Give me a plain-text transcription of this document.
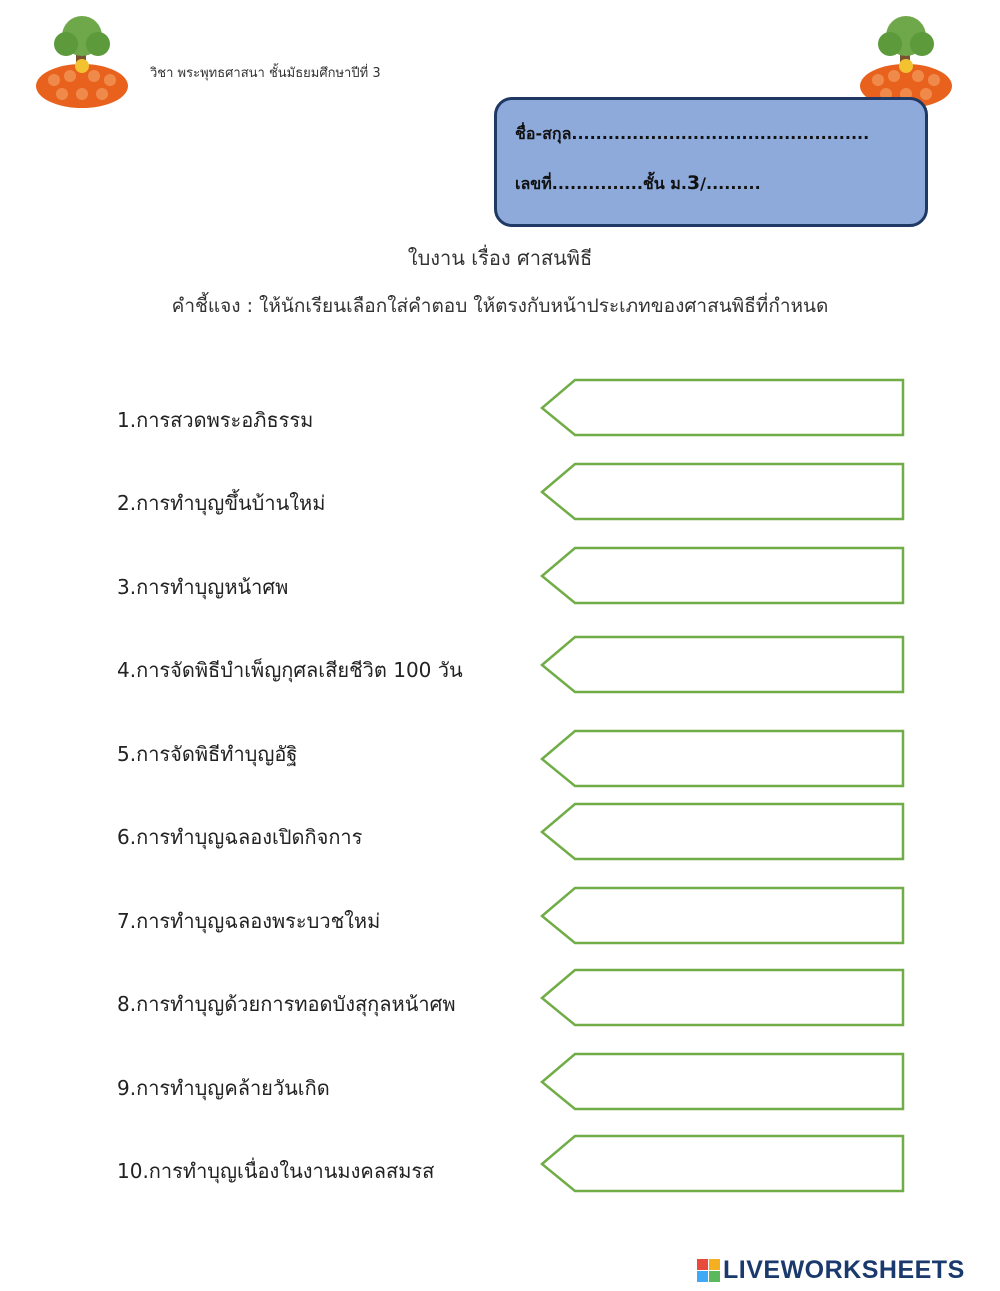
วิชา พระพุทธศาสนา ชั้นมัธยมศึกษาปีที่ 3
ชื่อ-สกุล.................................................
เลขที่...............ชั้น ม.3/.........
ใบงาน เรื่อง ศาสนพิธี
คำชี้แจง : ให้นักเรียนเลือกใส่คำตอบ ให้ตรงกับหน้าประเภทของศาสนพิธีที่กำหนด
1.การสวดพระอภิธรรม
2.การทำบุญขึ้นบ้านใหม่
3.การทำบุญหน้าศพ
4.การจัดพิธีบำเพ็ญกุศลเสียชีวิต 100 วัน
5.การจัดพิธีทำบุญอัฐิ
6.การทำบุญฉลองเปิดกิจการ
7.การทำบุญฉลองพระบวชใหม่
8.การทำบุญด้วยการทอดบังสุกุลหน้าศพ
9.การทำบุญคล้ายวันเกิด
10.การทำบุญเนื่องในงานมงคลสมรส
LIVEWORKSHEETS
